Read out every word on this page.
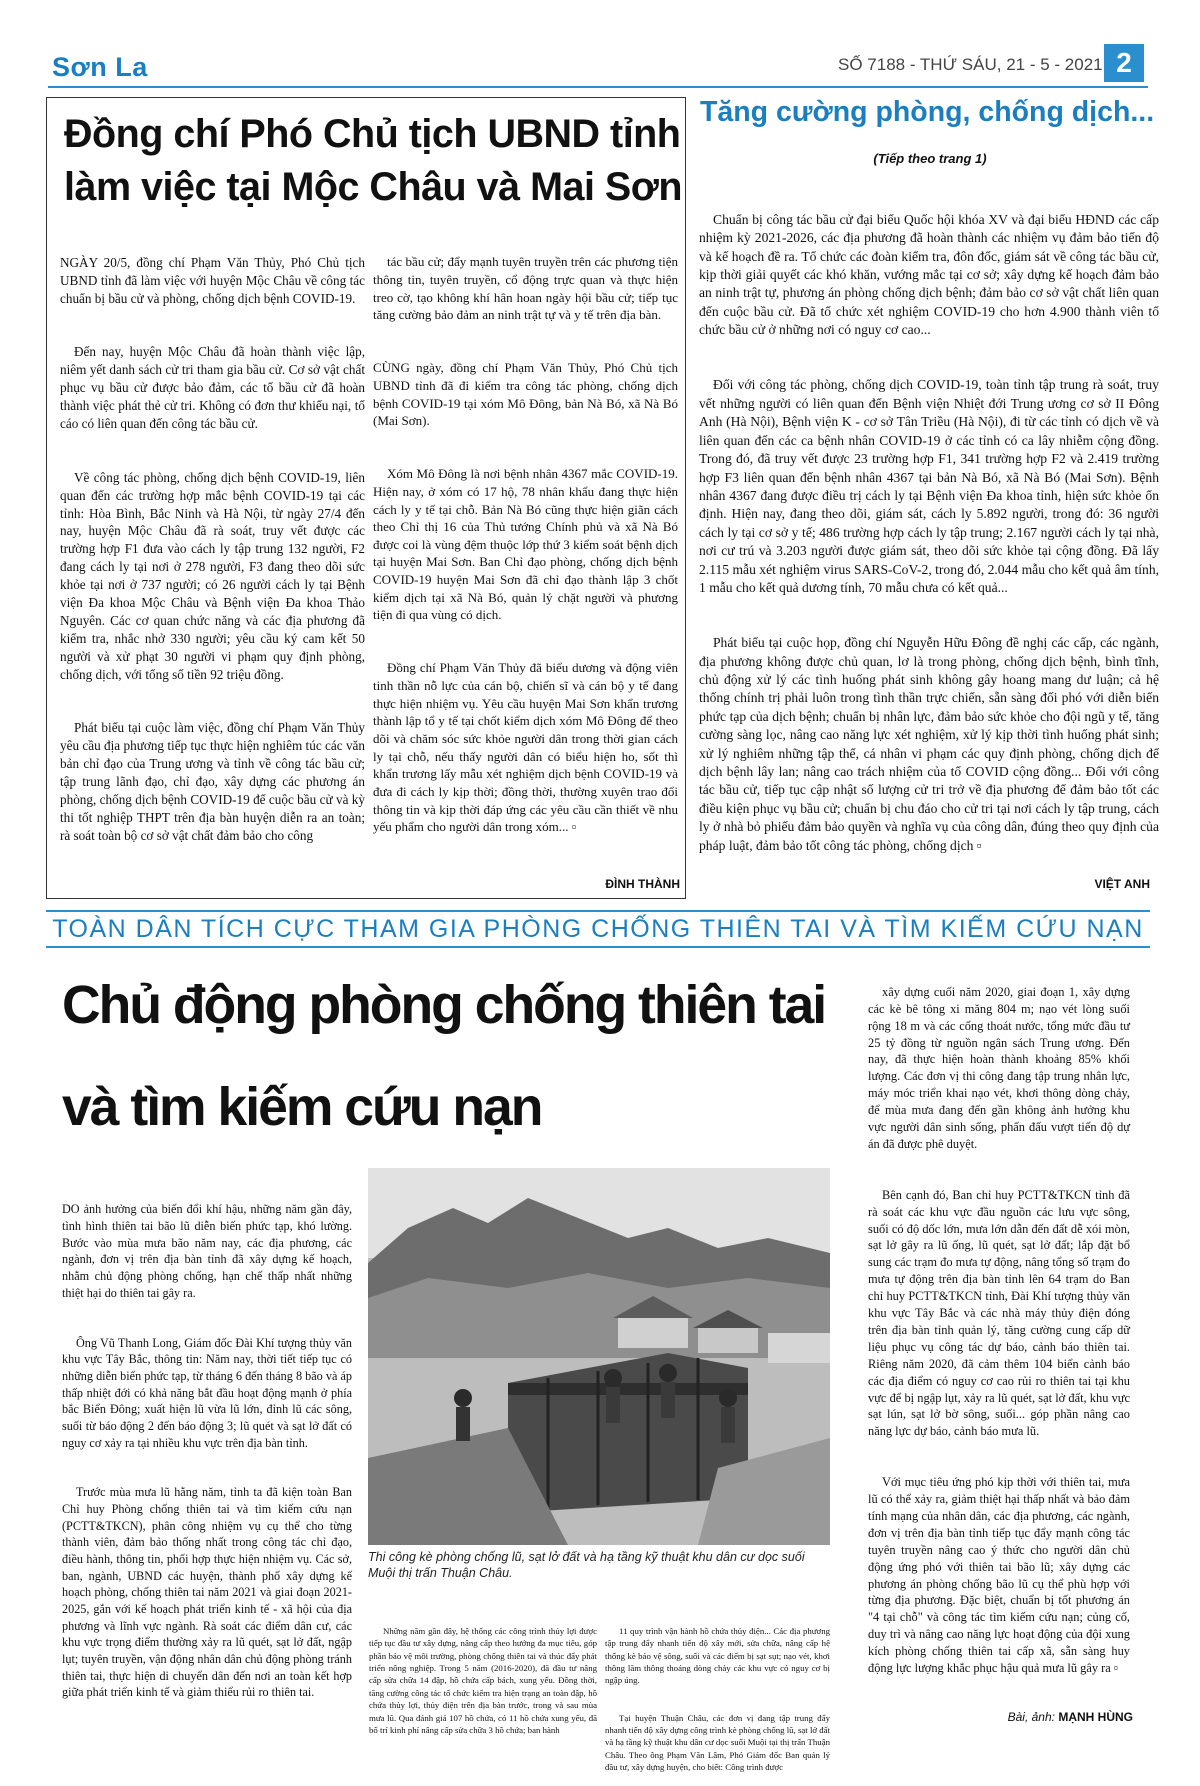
Sơn La	SỐ 7188 - THỨ SÁU, 21 - 5 - 2021 2
Đồng chí Phó Chủ tịch UBND tỉnh làm việc tại Mộc Châu và Mai Sơn

NGÀY 20/5, đồng chí Phạm Văn Thủy, Phó Chủ tịch UBND tỉnh đã làm việc với huyện Mộc Châu về công tác chuẩn bị bầu cử và phòng, chống dịch bệnh COVID-19.

Đến nay, huyện Mộc Châu đã hoàn thành việc lập, niêm yết danh sách cử tri tham gia bầu cử. Cơ sở vật chất phục vụ bầu cử được bảo đảm, các tổ bầu cử đã hoàn thành việc phát thẻ cử tri. Không có đơn thư khiếu nại, tố cáo có liên quan đến công tác bầu cử.

Về công tác phòng, chống dịch bệnh COVID-19, liên quan đến các trường hợp mắc bệnh COVID-19 tại các tỉnh: Hòa Bình, Bắc Ninh và Hà Nội, từ ngày 27/4 đến nay, huyện Mộc Châu đã rà soát, truy vết được các trường hợp F1 đưa vào cách ly tập trung 132 người, F2 đang cách ly tại nơi ở 278 người, F3 đang theo dõi sức khỏe tại nơi ở 737 người; có 26 người cách ly tại Bệnh viện Đa khoa Mộc Châu và Bệnh viện Đa khoa Thảo Nguyên. Các cơ quan chức năng và các địa phương đã kiểm tra, nhắc nhở 330 người; yêu cầu ký cam kết 50 người và xử phạt 30 người vi phạm quy định phòng, chống dịch, với tổng số tiền 92 triệu đồng.

Phát biểu tại cuộc làm việc, đồng chí Phạm Văn Thủy yêu cầu địa phương tiếp tục thực hiện nghiêm túc các văn bản chỉ đạo của Trung ương và tỉnh về công tác bầu cử; tập trung lãnh đạo, chỉ đạo, xây dựng các phương án phòng, chống dịch bệnh COVID-19 để cuộc bầu cử và kỳ thi tốt nghiệp THPT trên địa bàn huyện diễn ra an toàn; rà soát toàn bộ cơ sở vật chất đảm bảo cho công

tác bầu cử; đẩy mạnh tuyên truyền trên các phương tiện thông tin, tuyên truyền, cổ động trực quan và thực hiện treo cờ, tạo không khí hân hoan ngày hội bầu cử; tiếp tục tăng cường bảo đảm an ninh trật tự và y tế trên địa bàn.

CÙNG ngày, đồng chí Phạm Văn Thủy, Phó Chủ tịch UBND tỉnh đã đi kiểm tra công tác phòng, chống dịch bệnh COVID-19 tại xóm Mô Đông, bản Nà Bó, xã Nà Bó (Mai Sơn).

Xóm Mô Đông là nơi bệnh nhân 4367 mắc COVID-19. Hiện nay, ở xóm có 17 hộ, 78 nhân khẩu đang thực hiện cách ly y tế tại chỗ. Bản Nà Bó cũng thực hiện giãn cách theo Chỉ thị 16 của Thủ tướng Chính phủ và xã Nà Bó được coi là vùng đệm thuộc lớp thứ 3 kiểm soát bệnh dịch tại huyện Mai Sơn. Ban Chỉ đạo phòng, chống dịch bệnh COVID-19 huyện Mai Sơn đã chỉ đạo thành lập 3 chốt kiểm dịch tại xã Nà Bó, quản lý chặt người và phương tiện đi qua vùng có dịch.

Đồng chí Phạm Văn Thủy đã biểu dương và động viên tinh thần nỗ lực của cán bộ, chiến sĩ và cán bộ y tế đang thực hiện nhiệm vụ. Yêu cầu huyện Mai Sơn khẩn trương thành lập tổ y tế tại chốt kiểm dịch xóm Mô Đông để theo dõi và chăm sóc sức khỏe người dân trong thời gian cách ly tại chỗ, nếu thấy người dân có biểu hiện ho, sốt thì khẩn trương lấy mẫu xét nghiệm dịch bệnh COVID-19 và đưa đi cách ly kịp thời; đồng thời, thường xuyên trao đổi thông tin và kịp thời đáp ứng các yêu cầu cần thiết về nhu yếu phẩm cho người dân trong xóm... ▫

ĐÌNH THÀNH
Tăng cường phòng, chống dịch...
(Tiếp theo trang 1)

Chuẩn bị công tác bầu cử đại biểu Quốc hội khóa XV và đại biểu HĐND các cấp nhiệm kỳ 2021-2026, các địa phương đã hoàn thành các nhiệm vụ đảm bảo tiến độ và kế hoạch đề ra. Tổ chức các đoàn kiểm tra, đôn đốc, giám sát về công tác bầu cử, kịp thời giải quyết các khó khăn, vướng mắc tại cơ sở; xây dựng kế hoạch đảm bảo an ninh trật tự, phương án phòng chống dịch bệnh; đảm bảo cơ sở vật chất liên quan đến cuộc bầu cử. Đã tổ chức xét nghiệm COVID-19 cho hơn 4.900 thành viên tổ chức bầu cử ở những nơi có nguy cơ cao...

Đối với công tác phòng, chống dịch COVID-19, toàn tỉnh tập trung rà soát, truy vết những người có liên quan đến Bệnh viện Nhiệt đới Trung ương cơ sở II Đông Anh (Hà Nội), Bệnh viện K - cơ sở Tân Triều (Hà Nội), đi từ các tỉnh có dịch về và liên quan đến các ca bệnh nhân COVID-19 ở các tỉnh có ca lây nhiễm cộng đồng. Trong đó, đã truy vết được 23 trường hợp F1, 341 trường hợp F2 và 2.419 trường hợp F3 liên quan đến bệnh nhân 4367 tại bản Nà Bó, xã Nà Bó (Mai Sơn). Bệnh nhân 4367 đang được điều trị cách ly tại Bệnh viện Đa khoa tỉnh, hiện sức khỏe ổn định. Hiện nay, đang theo dõi, giám sát, cách ly 5.892 người, trong đó: 36 người cách ly tại cơ sở y tế; 486 trường hợp cách ly tập trung; 2.167 người cách ly tại nhà, nơi cư trú và 3.203 người được giám sát, theo dõi sức khỏe tại cộng đồng. Đã lấy 2.115 mẫu xét nghiệm virus SARS-CoV-2, trong đó, 2.044 mẫu cho kết quả âm tính, 1 mẫu cho kết quả dương tính, 70 mẫu chưa có kết quả...

Phát biểu tại cuộc họp, đồng chí Nguyễn Hữu Đông đề nghị các cấp, các ngành, địa phương không được chủ quan, lơ là trong phòng, chống dịch bệnh, bình tĩnh, chủ động xử lý các tình huống phát sinh không gây hoang mang dư luận; cả hệ thống chính trị phải luôn trong tình thần trực chiến, sẵn sàng đối phó với diễn biến phức tạp của dịch bệnh; chuẩn bị nhân lực, đảm bảo sức khỏe cho đội ngũ y tế, tăng cường sàng lọc, nâng cao năng lực xét nghiệm, xử lý kịp thời tình huống phát sinh; xử lý nghiêm những tập thể, cá nhân vi phạm các quy định phòng, chống dịch để dịch bệnh lây lan; nâng cao trách nhiệm của tổ COVID cộng đồng... Đối với công tác bầu cử, tiếp tục cập nhật số lượng cử tri trở về địa phương để đảm bảo tốt các điều kiện phục vụ bầu cử; chuẩn bị chu đáo cho cử tri tại nơi cách ly tập trung, cách ly ở nhà bỏ phiếu đảm bảo quyền và nghĩa vụ của công dân, đúng theo quy định của pháp luật, đảm bảo tốt công tác phòng, chống dịch ▫

VIỆT ANH
TOÀN DÂN TÍCH CỰC THAM GIA PHÒNG CHỐNG THIÊN TAI VÀ TÌM KIẾM CỨU NẠN
Chủ động phòng chống thiên tai
và tìm kiếm cứu nạn

DO ảnh hưởng của biến đổi khí hậu, những năm gần đây, tình hình thiên tai bão lũ diễn biến phức tạp, khó lường. Bước vào mùa mưa bão năm nay, các địa phương, các ngành, đơn vị trên địa bàn tỉnh đã xây dựng kế hoạch, nhằm chủ động phòng chống, hạn chế thấp nhất những thiệt hại do thiên tai gây ra.

Ông Vũ Thanh Long, Giám đốc Đài Khí tượng thủy văn khu vực Tây Bắc, thông tin: Năm nay, thời tiết tiếp tục có những diễn biến phức tạp, từ tháng 6 đến tháng 8 bão và áp thấp nhiệt đới có khả năng bắt đầu hoạt động mạnh ở phía bắc Biển Đông; xuất hiện lũ vừa lũ lớn, đỉnh lũ các sông, suối từ báo động 2 đến báo động 3; lũ quét và sạt lở đất có nguy cơ xảy ra tại nhiều khu vực trên địa bàn tỉnh.

Trước mùa mưa lũ hằng năm, tỉnh ta đã kiện toàn Ban Chỉ huy Phòng chống thiên tai và tìm kiếm cứu nạn (PCTT&TKCN), phân công nhiệm vụ cụ thể cho từng thành viên, đảm bảo thống nhất trong công tác chỉ đạo, điều hành, thông tin, phối hợp thực hiện nhiệm vụ. Các sở, ban, ngành, UBND các huyện, thành phố xây dựng kế hoạch phòng, chống thiên tai năm 2021 và giai đoạn 2021-2025, gắn với kế hoạch phát triển kinh tế - xã hội của địa phương và lĩnh vực ngành. Rà soát các điểm dân cư, các khu vực trọng điểm thường xảy ra lũ quét, sạt lở đất, ngập lụt; tuyên truyền, vận động nhân dân chủ động phòng tránh thiên tai, thực hiện di chuyển dân đến nơi an toàn kết hợp giữa phát triển kinh tế và giảm thiểu rủi ro thiên tai.

Thi công kè phòng chống lũ, sạt lở đất và hạ tầng kỹ thuật khu dân cư dọc suối Muội thị trấn Thuận Châu.

Những năm gần đây, hệ thống các công trình thủy lợi được tiếp tục đầu tư xây dựng, nâng cấp theo hướng đa mục tiêu, góp phần bảo vệ môi trường, phòng chống thiên tai và thúc đẩy phát triển nông nghiệp. Trong 5 năm (2016-2020), đã đầu tư nâng cấp sửa chữa 14 đập, hồ chứa cấp bách, xung yếu. Đồng thời, tăng cường công tác tổ chức kiểm tra hiện trạng an toàn đập, hồ chứa thủy lợi, thủy điện trên địa bàn trước, trong và sau mùa mưa lũ. Qua đánh giá 107 hồ chứa, có 11 hồ chứa xung yếu, đã bố trí kinh phí nâng cấp sửa chữa 3 hồ chứa; ban hành

11 quy trình vận hành hồ chứa thủy điện... Các địa phương tập trung đẩy nhanh tiến độ xây mới, sửa chữa, nâng cấp hệ thống kè bảo vệ sông, suối và các điểm bị sạt sụt; nạo vét, khơi thông lăm thông thoáng dòng chảy các khu vực có nguy cơ bị ngập úng.

Tại huyện Thuận Châu, các đơn vị đang tập trung đẩy nhanh tiến độ xây dựng công trình kè phòng chống lũ, sạt lở đất và hạ tầng kỹ thuật khu dân cư dọc suối Muội tại thị trấn Thuận Châu. Theo ông Phạm Văn Lâm, Phó Giám đốc Ban quản lý đầu tư, xây dựng huyện, cho biết: Công trình được

xây dựng cuối năm 2020, giai đoạn 1, xây dựng các kè bê tông xi măng 804 m; nạo vét lòng suối rộng 18 m và các cống thoát nước, tổng mức đầu tư 25 tỷ đồng từ nguồn ngân sách Trung ương. Đến nay, đã thực hiện hoàn thành khoảng 85% khối lượng. Các đơn vị thi công đang tập trung nhân lực, máy móc triển khai nạo vét, khơi thông dòng chảy, để mùa mưa đang đến gần không ảnh hưởng khu vực người dân sinh sống, phấn đấu vượt tiến độ dự án đã được phê duyệt.

Bên cạnh đó, Ban chỉ huy PCTT&TKCN tỉnh đã rà soát các khu vực đầu nguồn các lưu vực sông, suối có độ dốc lớn, mưa lớn dẫn đến đất dễ xói mòn, sạt lở gây ra lũ ống, lũ quét, sạt lở đất; lắp đặt bổ sung các trạm đo mưa tự động, nâng tổng số trạm đo mưa tự động trên địa bàn tỉnh lên 64 trạm do Ban chỉ huy PCTT&TKCN tỉnh, Đài Khí tượng thủy văn khu vực Tây Bắc và các nhà máy thủy điện đóng trên địa bàn tỉnh quản lý, tăng cường cung cấp dữ liệu phục vụ công tác dự báo, cảnh báo thiên tai. Riêng năm 2020, đã cảm thêm 104 biển cảnh báo các địa điểm có nguy cơ cao rủi ro thiên tai tại khu vực để bị ngập lụt, xảy ra lũ quét, sạt lở đất, khu vực sạt lún, sạt lở bờ sông, suối... góp phần nâng cao năng lực dự báo, cảnh báo mưa lũ.

Với mục tiêu ứng phó kịp thời với thiên tai, mưa lũ có thể xảy ra, giảm thiệt hại thấp nhất và bảo đảm tính mạng của nhân dân, các địa phương, các ngành, đơn vị trên địa bàn tỉnh tiếp tục đẩy mạnh công tác tuyên truyền nâng cao ý thức cho người dân chủ động ứng phó với thiên tai bão lũ; xây dựng các phương án phòng chống bão lũ cụ thể phù hợp với từng địa phương. Đặc biệt, chuẩn bị tốt phương án "4 tại chỗ" và công tác tìm kiếm cứu nạn; củng cố, duy trì và nâng cao năng lực hoạt động của đội xung kích phòng chống thiên tai cấp xã, sẵn sàng huy động lực lượng khắc phục hậu quả mưa lũ gây ra ▫

Bài, ảnh: MẠNH HÙNG
